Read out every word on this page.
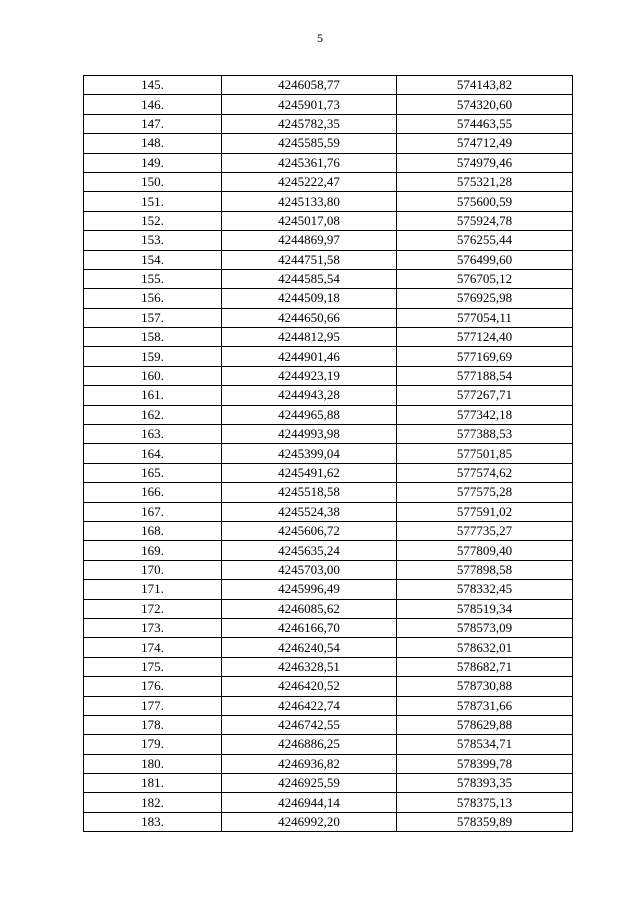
5
145.	4246058,77	574143,82
146.	4245901,73	574320,60
147.	4245782,35	574463,55
148.	4245585,59	574712,49
149.	4245361,76	574979,46
150.	4245222,47	575321,28
151.	4245133,80	575600,59
152.	4245017,08	575924,78
153.	4244869,97	576255,44
154.	4244751,58	576499,60
155.	4244585,54	576705,12
156.	4244509,18	576925,98
157.	4244650,66	577054,11
158.	4244812,95	577124,40
159.	4244901,46	577169,69
160.	4244923,19	577188,54
161.	4244943,28	577267,71
162.	4244965,88	577342,18
163.	4244993,98	577388,53
164.	4245399,04	577501,85
165.	4245491,62	577574,62
166.	4245518,58	577575,28
167.	4245524,38	577591,02
168.	4245606,72	577735,27
169.	4245635,24	577809,40
170.	4245703,00	577898,58
171.	4245996,49	578332,45
172.	4246085,62	578519,34
173.	4246166,70	578573,09
174.	4246240,54	578632,01
175.	4246328,51	578682,71
176.	4246420,52	578730,88
177.	4246422,74	578731,66
178.	4246742,55	578629,88
179.	4246886,25	578534,71
180.	4246936,82	578399,78
181.	4246925,59	578393,35
182.	4246944,14	578375,13
183.	4246992,20	578359,89
